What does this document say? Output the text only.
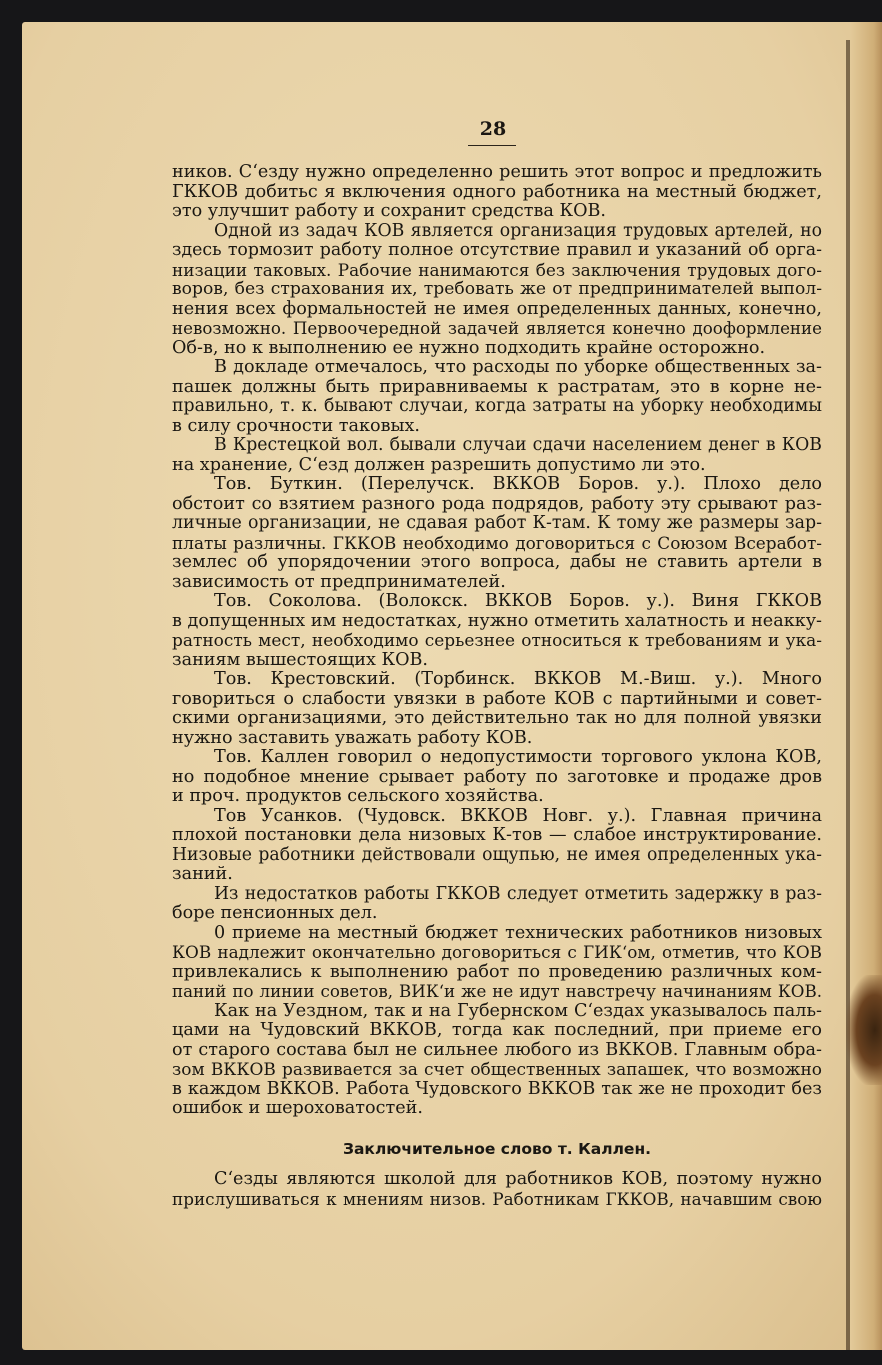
28
ников. С‘езду нужно определенно решить этот вопрос и предложить
ГККОВ добитьс я включения одного работника на местный бюджет,
это улучшит работу и сохранит средства КОВ.
Одной из задач КОВ является организация трудовых артелей, но
здесь тормозит работу полное отсутствие правил и указаний об орга-
низации таковых. Рабочие нанимаются без заключения трудовых дого-
воров, без страхования их, требовать же от предпринимателей выпол-
нения всех формальностей не имея определенных данных, конечно,
невозможно. Первоочередной задачей является конечно дооформление
Об-в, но к выполнению ее нужно подходить крайне осторожно.
В докладе отмечалось, что расходы по уборке общественных за-
пашек должны быть приравниваемы к растратам, это в корне не-
правильно, т. к. бывают случаи, когда затраты на уборку необходимы
в силу срочности таковых.
В Крестецкой вол. бывали случаи сдачи населением денег в КОВ
на хранение, С‘езд должен разрешить допустимо ли это.
Тов. Буткин. (Перелучск. ВККОВ Боров. у.). Плохо дело
обстоит со взятием разного рода подрядов, работу эту срывают раз-
личные организации, не сдавая работ К-там. К тому же размеры зар-
платы различны. ГККОВ необходимо договориться с Союзом Всеработ-
землес об упорядочении этого вопроса, дабы не ставить артели в
зависимость от предпринимателей.
Тов. Соколова. (Волокск. ВККОВ Боров. у.). Виня ГККОВ
в допущенных им недостатках, нужно отметить халатность и неакку-
ратность мест, необходимо серьезнее относиться к требованиям и ука-
заниям вышестоящих КОВ.
Тов. Крестовский. (Торбинск. ВККОВ М.-Виш. у.). Много
говориться о слабости увязки в работе КОВ с партийными и совет-
скими организациями, это действительно так но для полной увязки
нужно заставить уважать работу КОВ.
Тов. Каллен говорил о недопустимости торгового уклона КОВ,
но подобное мнение срывает работу по заготовке и продаже дров
и проч. продуктов сельского хозяйства.
Тов Усанков. (Чудовск. ВККОВ Новг. у.). Главная причина
плохой постановки дела низовых К-тов — слабое инструктирование.
Низовые работники действовали ощупью, не имея определенных ука-
заний.
Из недостатков работы ГККОВ следует отметить задержку в раз-
боре пенсионных дел.
0 приеме на местный бюджет технических работников низовых
КОВ надлежит окончательно договориться с ГИК‘ом, отметив, что КОВ
привлекались к выполнению работ по проведению различных ком-
паний по линии советов, ВИК‘и же не идут навстречу начинаниям КОВ.
Как на Уездном, так и на Губернском С‘ездах указывалось паль-
цами на Чудовский ВККОВ, тогда как последний, при приеме его
от старого состава был не сильнее любого из ВККОВ. Главным обра-
зом ВККОВ развивается за счет общественных запашек, что возможно
в каждом ВККОВ. Работа Чудовского ВККОВ так же не проходит без
ошибок и шероховатостей.
Заключительное слово т. Каллен.
С‘езды являются школой для работников КОВ, поэтому нужно
прислушиваться к мнениям низов. Работникам ГККОВ, начавшим свою
